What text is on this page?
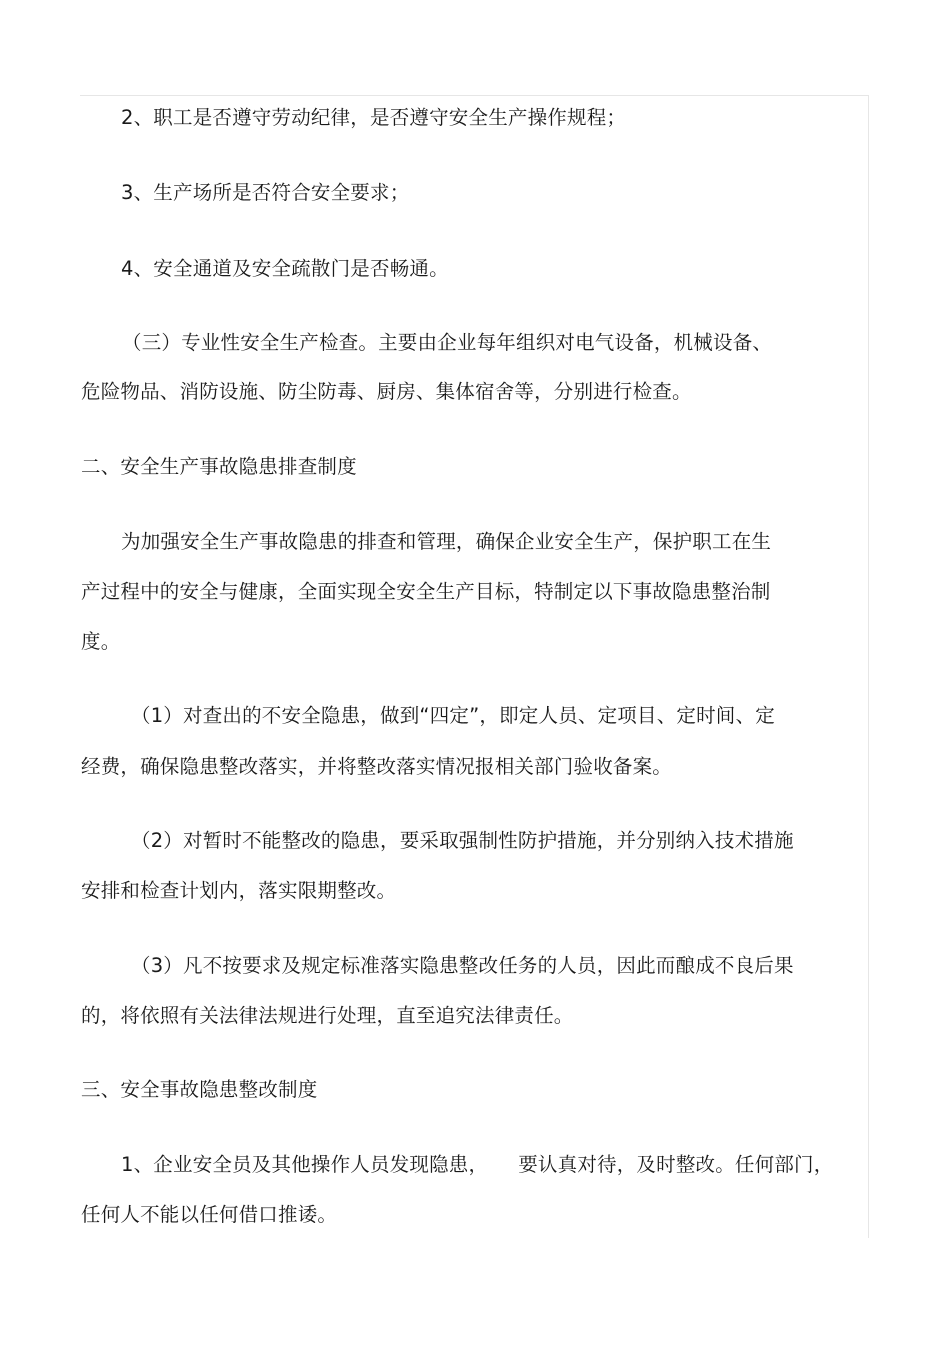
2、职工是否遵守劳动纪律，是否遵守安全生产操作规程；
3、生产场所是否符合安全要求；
4、安全通道及安全疏散门是否畅通。
（三）专业性安全生产检查。主要由企业每年组织对电气设备，机械设备、
危险物品、消防设施、防尘防毒、厨房、集体宿舍等，分别进行检查。
二、安全生产事故隐患排查制度
为加强安全生产事故隐患的排查和管理，确保企业安全生产，保护职工在生
产过程中的安全与健康，全面实现全安全生产目标，特制定以下事故隐患整治制
度。
（1）对查出的不安全隐患，做到“四定”，即定人员、定项目、定时间、定
经费，确保隐患整改落实，并将整改落实情况报相关部门验收备案。
（2）对暂时不能整改的隐患，要采取强制性防护措施，并分别纳入技术措施
安排和检查计划内，落实限期整改。
（3）凡不按要求及规定标准落实隐患整改任务的人员，因此而酿成不良后果
的，将依照有关法律法规进行处理，直至追究法律责任。
三、安全事故隐患整改制度
1、企业安全员及其他操作人员发现隐患， 要认真对待，及时整改。任何部门，
任何人不能以任何借口推诿。
